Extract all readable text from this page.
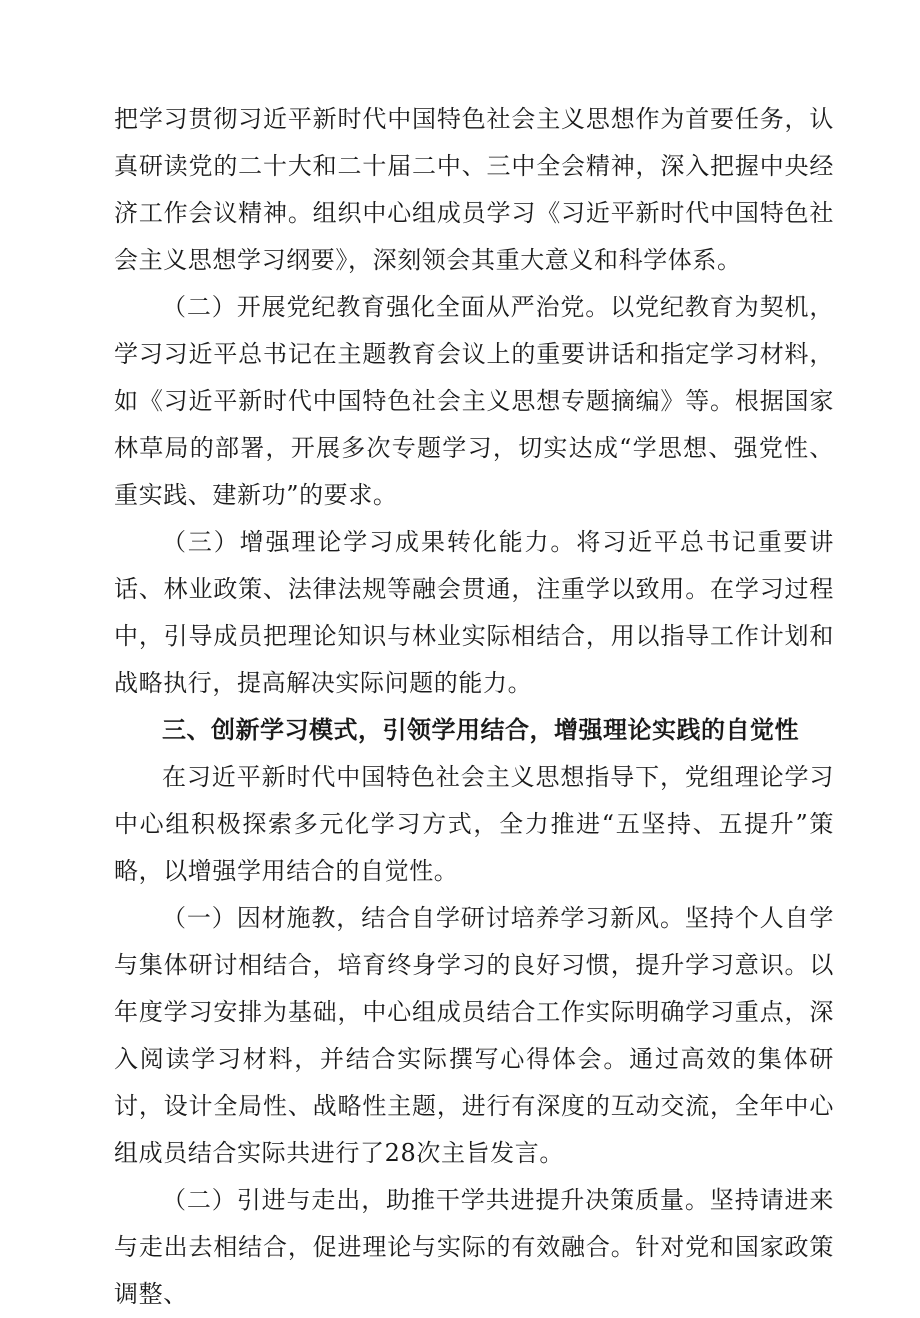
把学习贯彻习近平新时代中国特色社会主义思想作为首要任务，认真研读党的二十大和二十届二中、三中全会精神，深入把握中央经济工作会议精神。组织中心组成员学习《习近平新时代中国特色社会主义思想学习纲要》，深刻领会其重大意义和科学体系。

（二）开展党纪教育强化全面从严治党。以党纪教育为契机，学习习近平总书记在主题教育会议上的重要讲话和指定学习材料，如《习近平新时代中国特色社会主义思想专题摘编》等。根据国家林草局的部署，开展多次专题学习，切实达成“学思想、强党性、重实践、建新功”的要求。

（三）增强理论学习成果转化能力。将习近平总书记重要讲话、林业政策、法律法规等融会贯通，注重学以致用。在学习过程中，引导成员把理论知识与林业实际相结合，用以指导工作计划和战略执行，提高解决实际问题的能力。

三、创新学习模式，引领学用结合，增强理论实践的自觉性

在习近平新时代中国特色社会主义思想指导下，党组理论学习中心组积极探索多元化学习方式，全力推进“五坚持、五提升”策略，以增强学用结合的自觉性。

（一）因材施教，结合自学研讨培养学习新风。坚持个人自学与集体研讨相结合，培育终身学习的良好习惯，提升学习意识。以年度学习安排为基础，中心组成员结合工作实际明确学习重点，深入阅读学习材料，并结合实际撰写心得体会。通过高效的集体研讨，设计全局性、战略性主题，进行有深度的互动交流，全年中心组成员结合实际共进行了28次主旨发言。

（二）引进与走出，助推干学共进提升决策质量。坚持请进来与走出去相结合，促进理论与实际的有效融合。针对党和国家政策调整、
